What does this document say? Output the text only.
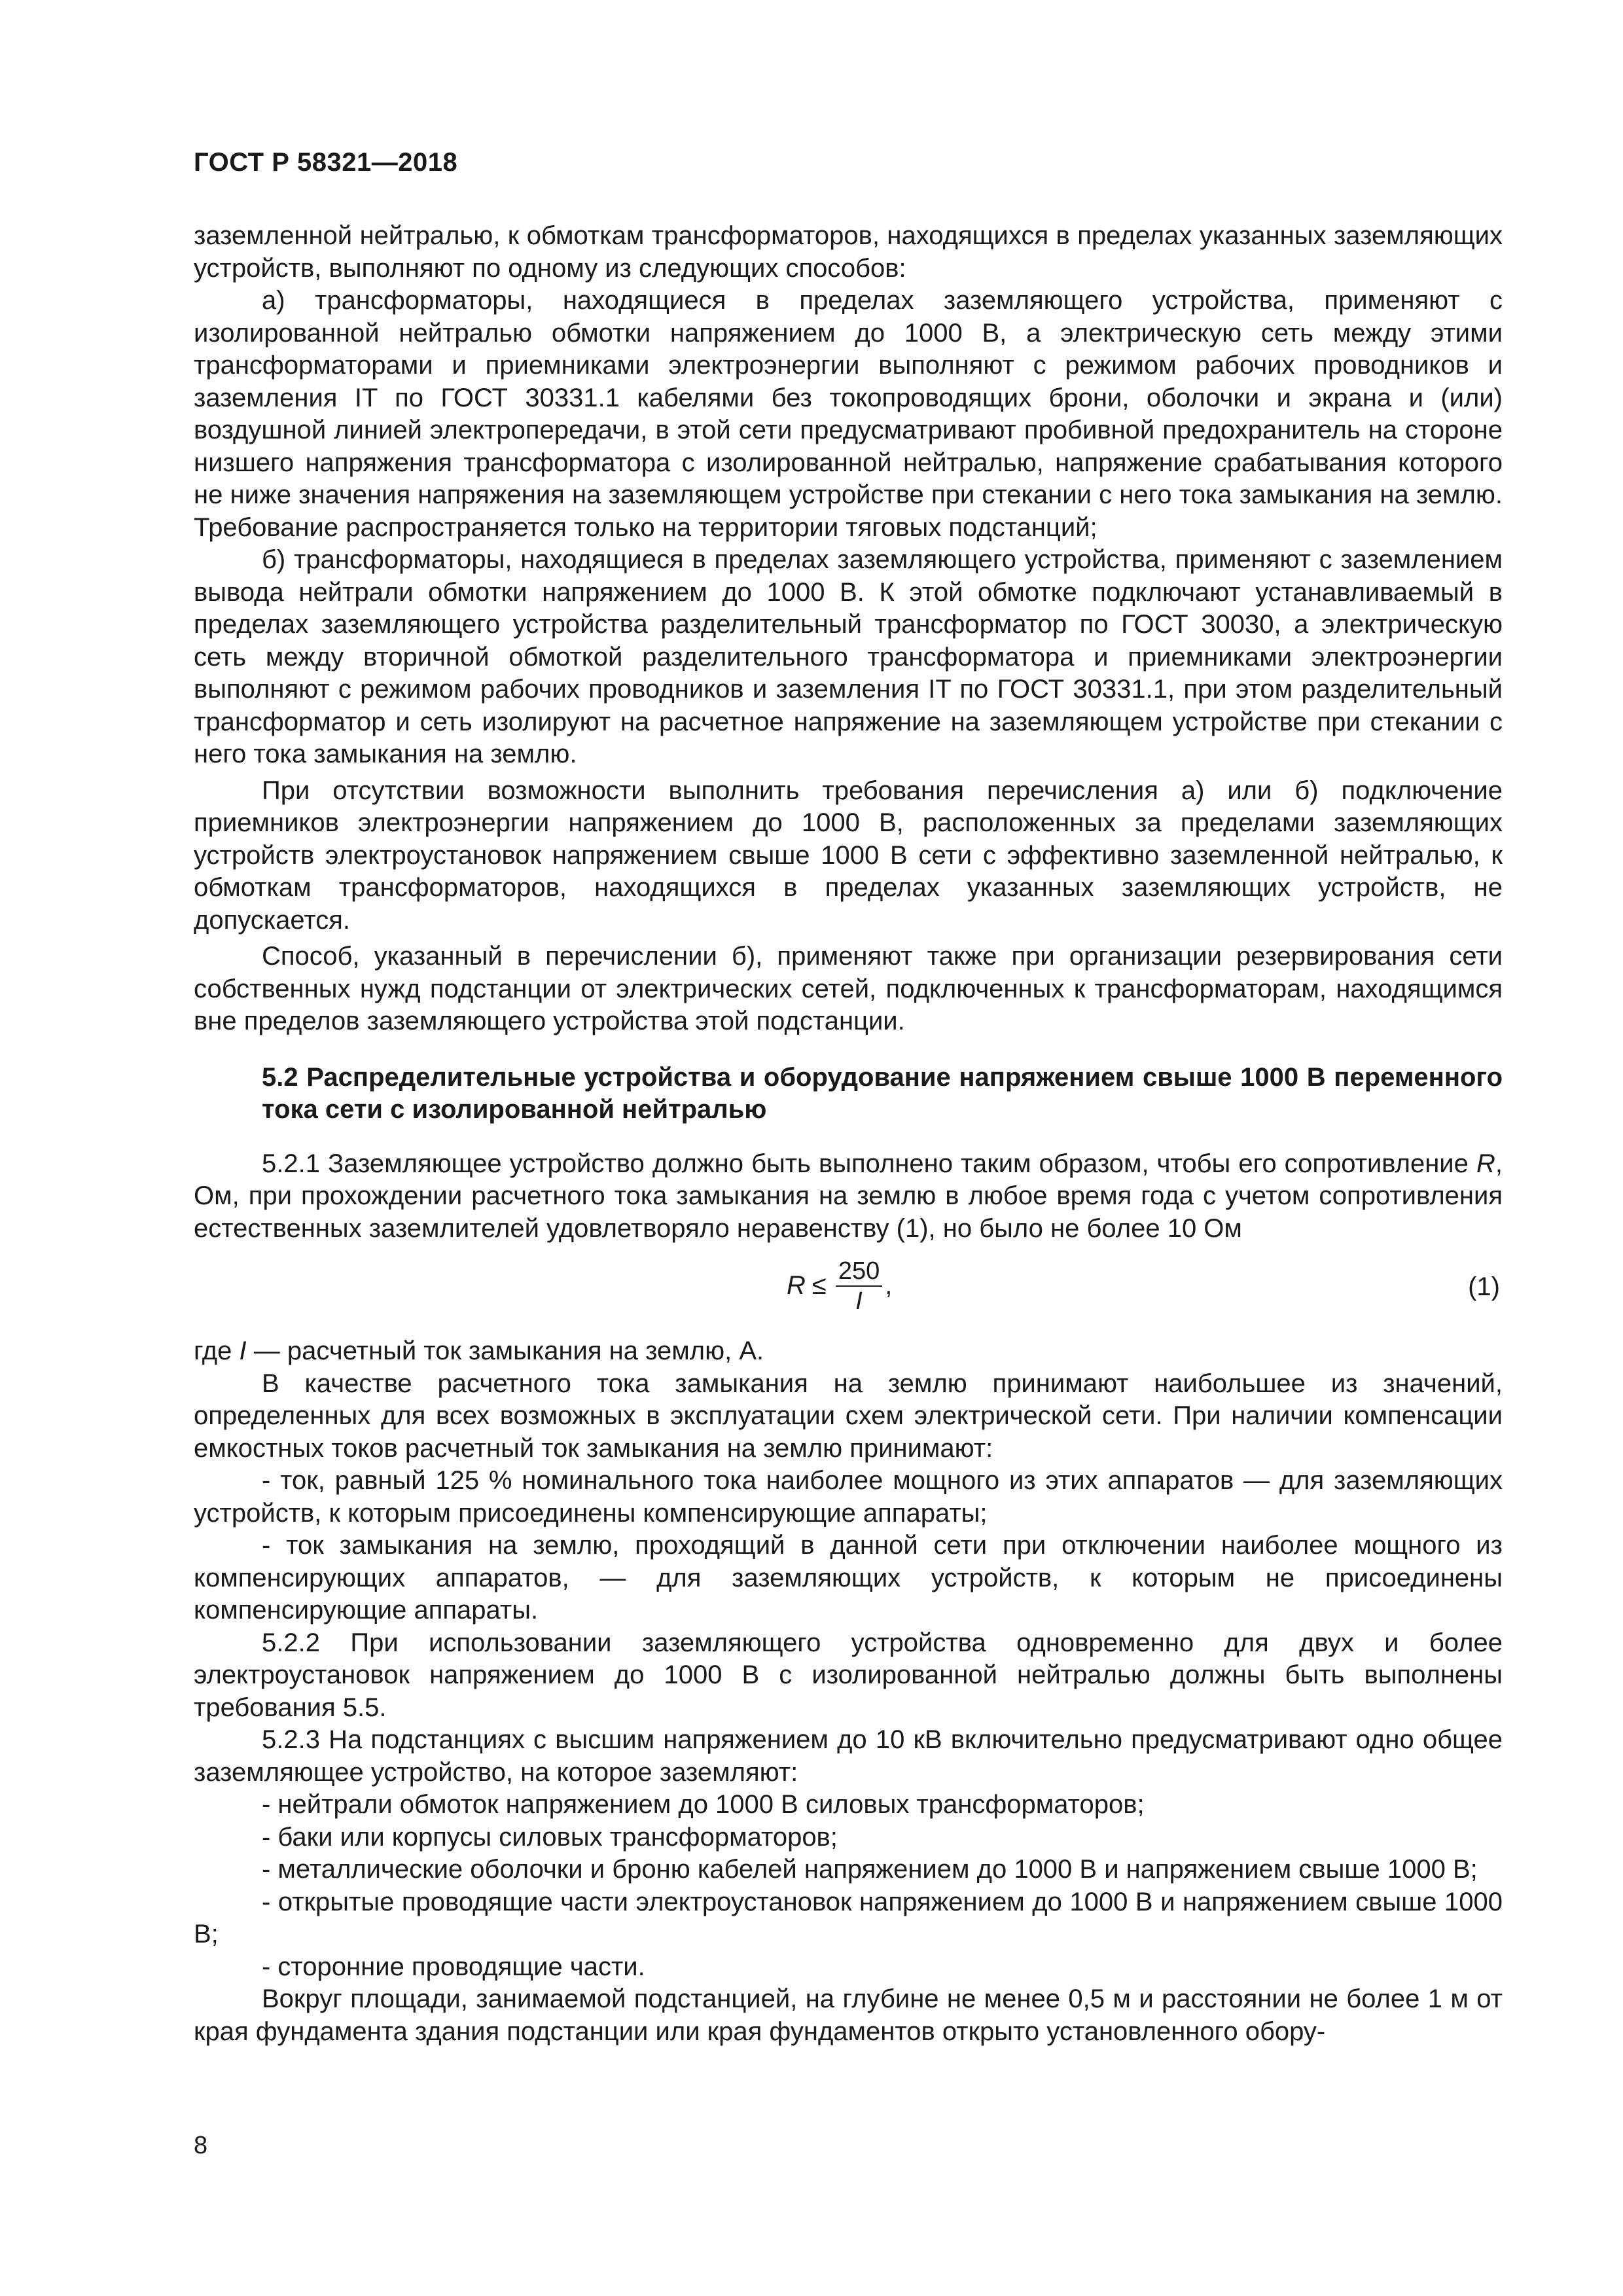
ГОСТ Р 58321—2018

заземленной нейтралью, к обмоткам трансформаторов, находящихся в пределах указанных заземляющих устройств, выполняют по одному из следующих способов:

а) трансформаторы, находящиеся в пределах заземляющего устройства, применяют с изолированной нейтралью обмотки напряжением до 1000 В, а электрическую сеть между этими трансформаторами и приемниками электроэнергии выполняют с режимом рабочих проводников и заземления IT по ГОСТ 30331.1 кабелями без токопроводящих брони, оболочки и экрана и (или) воздушной линией электропередачи, в этой сети предусматривают пробивной предохранитель на стороне низшего напряжения трансформатора с изолированной нейтралью, напряжение срабатывания которого не ниже значения напряжения на заземляющем устройстве при стекании с него тока замыкания на землю. Требование распространяется только на территории тяговых подстанций;

б) трансформаторы, находящиеся в пределах заземляющего устройства, применяют с заземлением вывода нейтрали обмотки напряжением до 1000 В. К этой обмотке подключают устанавливаемый в пределах заземляющего устройства разделительный трансформатор по ГОСТ 30030, а электрическую сеть между вторичной обмоткой разделительного трансформатора и приемниками электроэнергии выполняют с режимом рабочих проводников и заземления IT по ГОСТ 30331.1, при этом разделительный трансформатор и сеть изолируют на расчетное напряжение на заземляющем устройстве при стекании с него тока замыкания на землю.

При отсутствии возможности выполнить требования перечисления а) или б) подключение приемников электроэнергии напряжением до 1000 В, расположенных за пределами заземляющих устройств электроустановок напряжением свыше 1000 В сети с эффективно заземленной нейтралью, к обмоткам трансформаторов, находящихся в пределах указанных заземляющих устройств, не допускается.

Способ, указанный в перечислении б), применяют также при организации резервирования сети собственных нужд подстанции от электрических сетей, подключенных к трансформаторам, находящимся вне пределов заземляющего устройства этой подстанции.

5.2 Распределительные устройства и оборудование напряжением свыше 1000 В переменного тока сети с изолированной нейтралью

5.2.1 Заземляющее устройство должно быть выполнено таким образом, чтобы его сопротивление R, Ом, при прохождении расчетного тока замыкания на землю в любое время года с учетом сопротивления естественных заземлителей удовлетворяло неравенству (1), но было не более 10 Ом

$R \le \frac{250}{I}$ ,	(1)

где I — расчетный ток замыкания на землю, А.

В качестве расчетного тока замыкания на землю принимают наибольшее из значений, определенных для всех возможных в эксплуатации схем электрической сети. При наличии компенсации емкостных токов расчетный ток замыкания на землю принимают:

- ток, равный 125 % номинального тока наиболее мощного из этих аппаратов — для заземляющих устройств, к которым присоединены компенсирующие аппараты;

- ток замыкания на землю, проходящий в данной сети при отключении наиболее мощного из компенсирующих аппаратов, — для заземляющих устройств, к которым не присоединены компенсирующие аппараты.

5.2.2 При использовании заземляющего устройства одновременно для двух и более электроустановок напряжением до 1000 В с изолированной нейтралью должны быть выполнены требования 5.5.

5.2.3 На подстанциях с высшим напряжением до 10 кВ включительно предусматривают одно общее заземляющее устройство, на которое заземляют:

- нейтрали обмоток напряжением до 1000 В силовых трансформаторов;

- баки или корпусы силовых трансформаторов;

- металлические оболочки и броню кабелей напряжением до 1000 В и напряжением свыше 1000 В;

- открытые проводящие части электроустановок напряжением до 1000 В и напряжением свыше 1000 В;

- сторонние проводящие части.

Вокруг площади, занимаемой подстанцией, на глубине не менее 0,5 м и расстоянии не более 1 м от края фундамента здания подстанции или края фундаментов открыто установленного обору-

8
